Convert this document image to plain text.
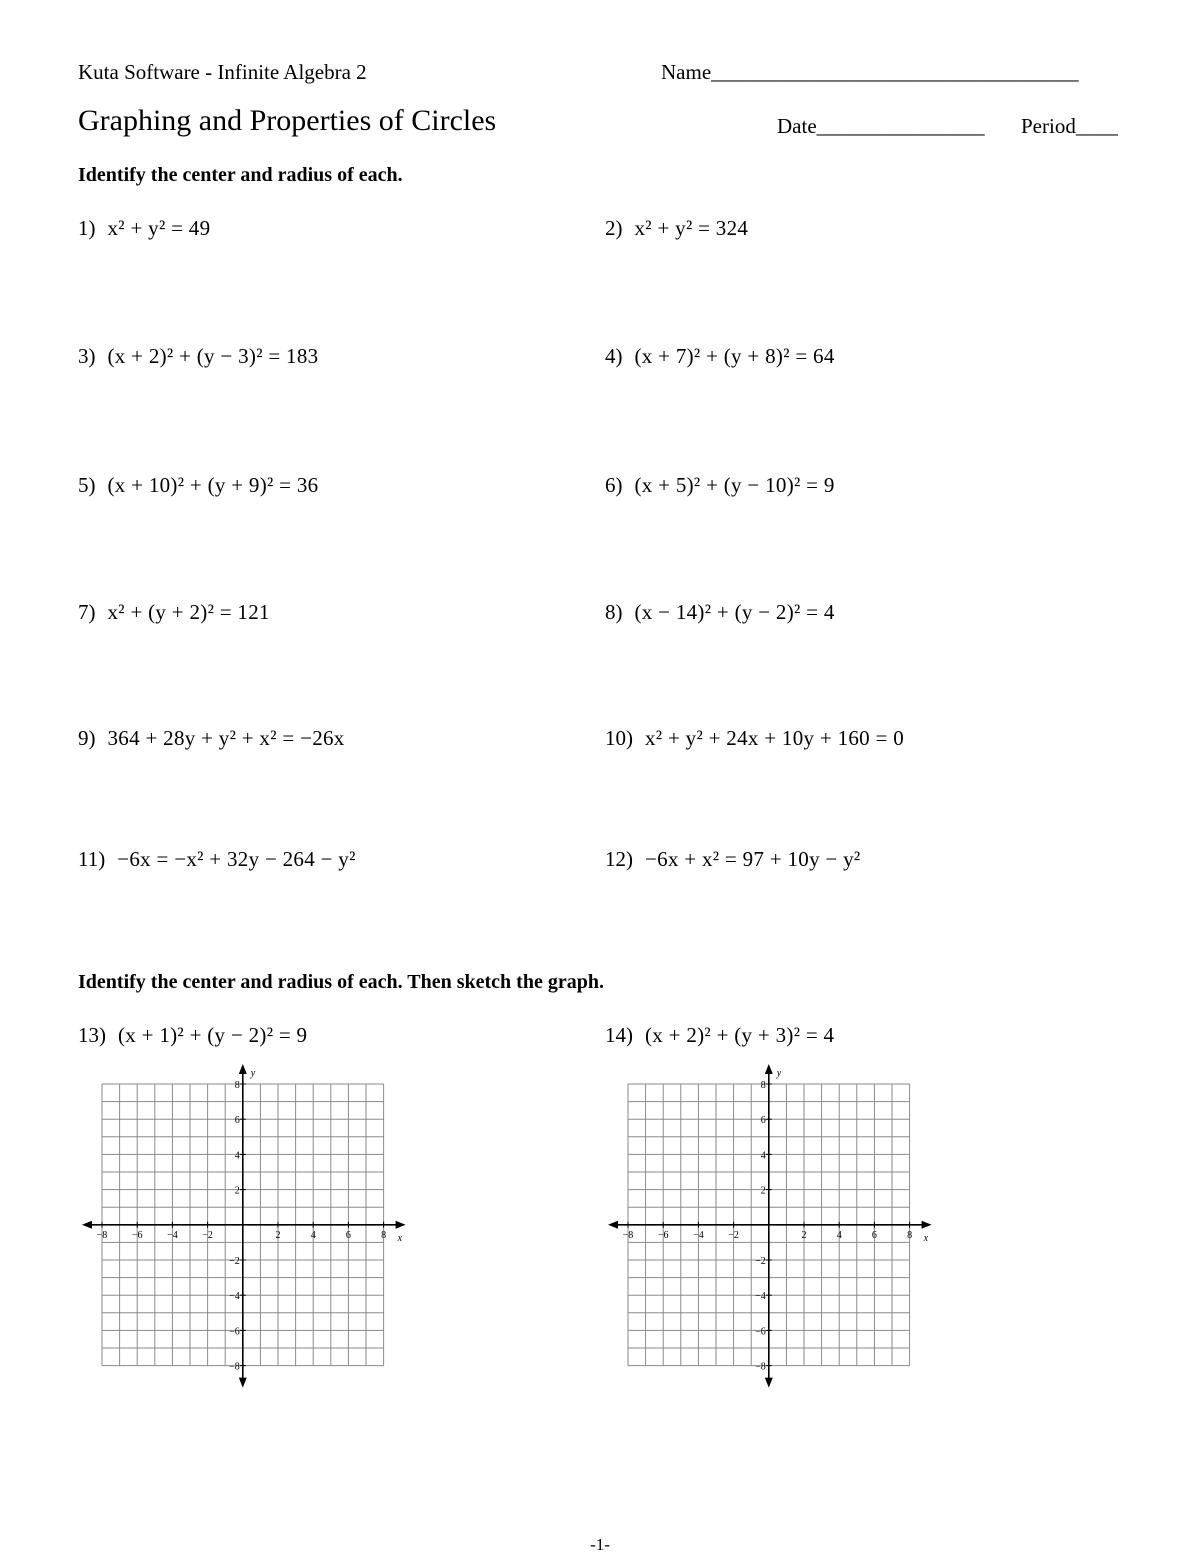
Kuta Software - Infinite Algebra 2	Name___________________________________
Graphing and Properties of Circles	Date________________ Period____
Identify the center and radius of each.
1) x² + y² = 49	2) x² + y² = 324
3) (x + 2)² + (y − 3)² = 183	4) (x + 7)² + (y + 8)² = 64
5) (x + 10)² + (y + 9)² = 36	6) (x + 5)² + (y − 10)² = 9
7) x² + (y + 2)² = 121	8) (x − 14)² + (y − 2)² = 4
9) 364 + 28y + y² + x² = −26x	10) x² + y² + 24x + 10y + 160 = 0
11) −6x = −x² + 32y − 264 − y²	12) −6x + x² = 97 + 10y − y²
Identify the center and radius of each. Then sketch the graph.
13) (x + 1)² + (y − 2)² = 9	14) (x + 2)² + (y + 3)² = 4
x
y
−8 −6 −4 −2	2	4	6	8
8
6
4
2
−2
−4
−6
−8
x
y
−8 −6 −4 −2	2	4	6	8
8
6
4
2
−2
−4
−6
−8
-1-
